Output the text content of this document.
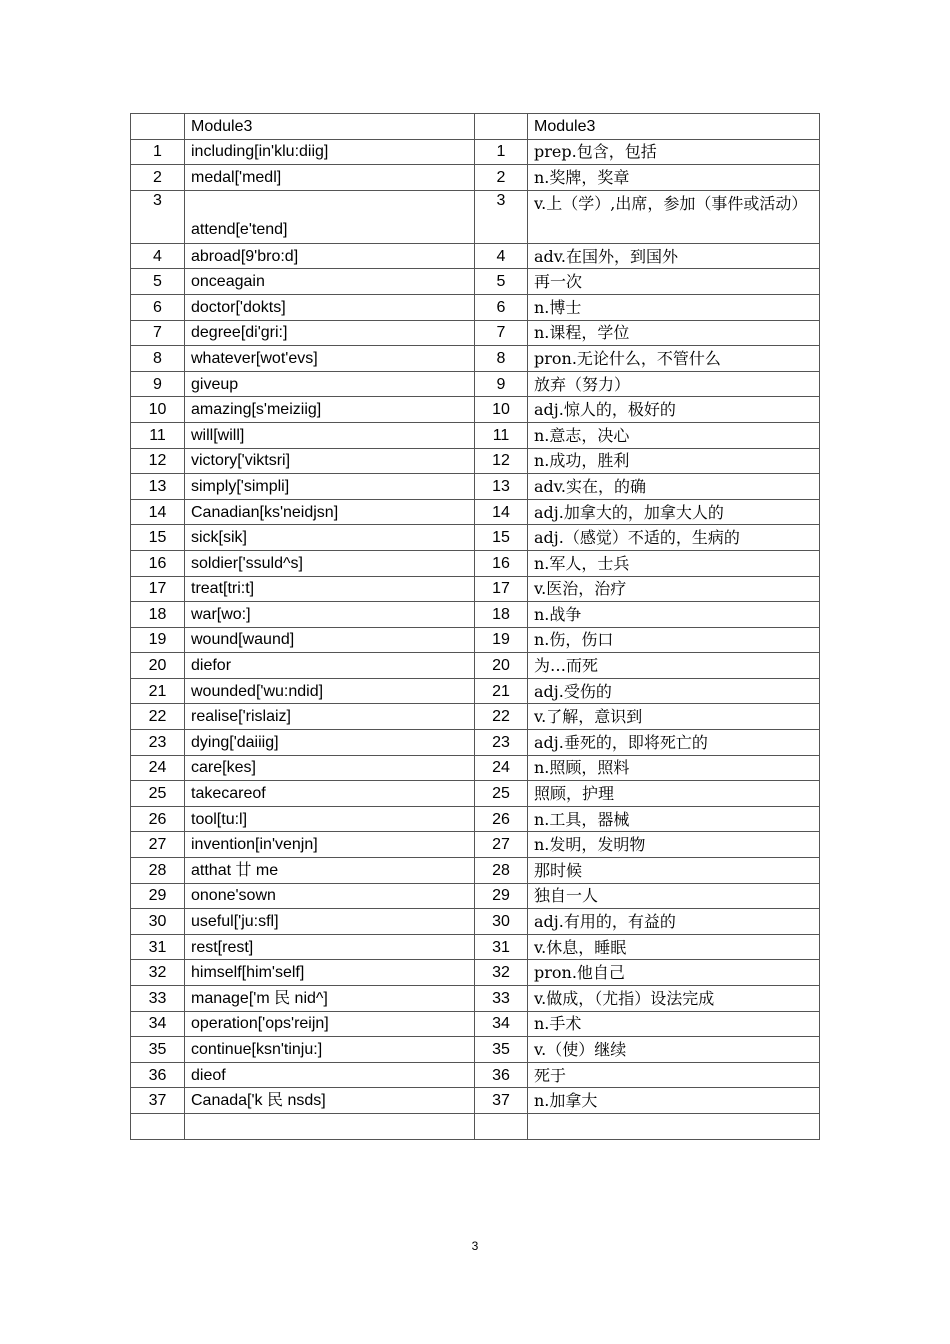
	Module3		Module3
1	including[in'klu:diig]	1	prep.包含，包括
2	medal['medl]	2	n.奖牌，奖章
3	attend[e'tend]	3	v.上（学）,出席，参加（事件或活动）
4	abroad[9'bro:d]	4	adv.在国外，到国外
5	onceagain	5	再一次
6	doctor['dokts]	6	n.博士
7	degree[di'gri:]	7	n.课程，学位
8	whatever[wot'evs]	8	pron.无论什么，不管什么
9	giveup	9	放弃（努力）
10	amazing[s'meiziig]	10	adj.惊人的，极好的
11	will[will]	11	n.意志，决心
12	victory['viktsri]	12	n.成功，胜利
13	simply['simpli]	13	adv.实在，的确
14	Canadian[ks'neidjsn]	14	adj.加拿大的，加拿大人的
15	sick[sik]	15	adj.（感觉）不适的，生病的
16	soldier['ssuld^s]	16	n.军人，士兵
17	treat[tri:t]	17	v.医治，治疗
18	war[wo:]	18	n.战争
19	wound[waund]	19	n.伤，伤口
20	diefor	20	为…而死
21	wounded['wu:ndid]	21	adj.受伤的
22	realise['rislaiz]	22	v.了解，意识到
23	dying['daiiig]	23	adj.垂死的，即将死亡的
24	care[kes]	24	n.照顾，照料
25	takecareof	25	照顾，护理
26	tool[tu:l]	26	n.工具，器械
27	invention[in'venjn]	27	n.发明，发明物
28	atthat 廿 me	28	那时候
29	onone'sown	29	独自一人
30	useful['ju:sfl]	30	adj.有用的，有益的
31	rest[rest]	31	v.休息，睡眠
32	himself[him'self]	32	pron.他自己
33	manage['m 民 nid^]	33	v.做成，（尤指）设法完成
34	operation['ops'reijn]	34	n.手术
35	continue[ksn'tinju:]	35	v.（使）继续
36	dieof	36	死于
37	Canada['k 民 nsds]	37	n.加拿大

3
